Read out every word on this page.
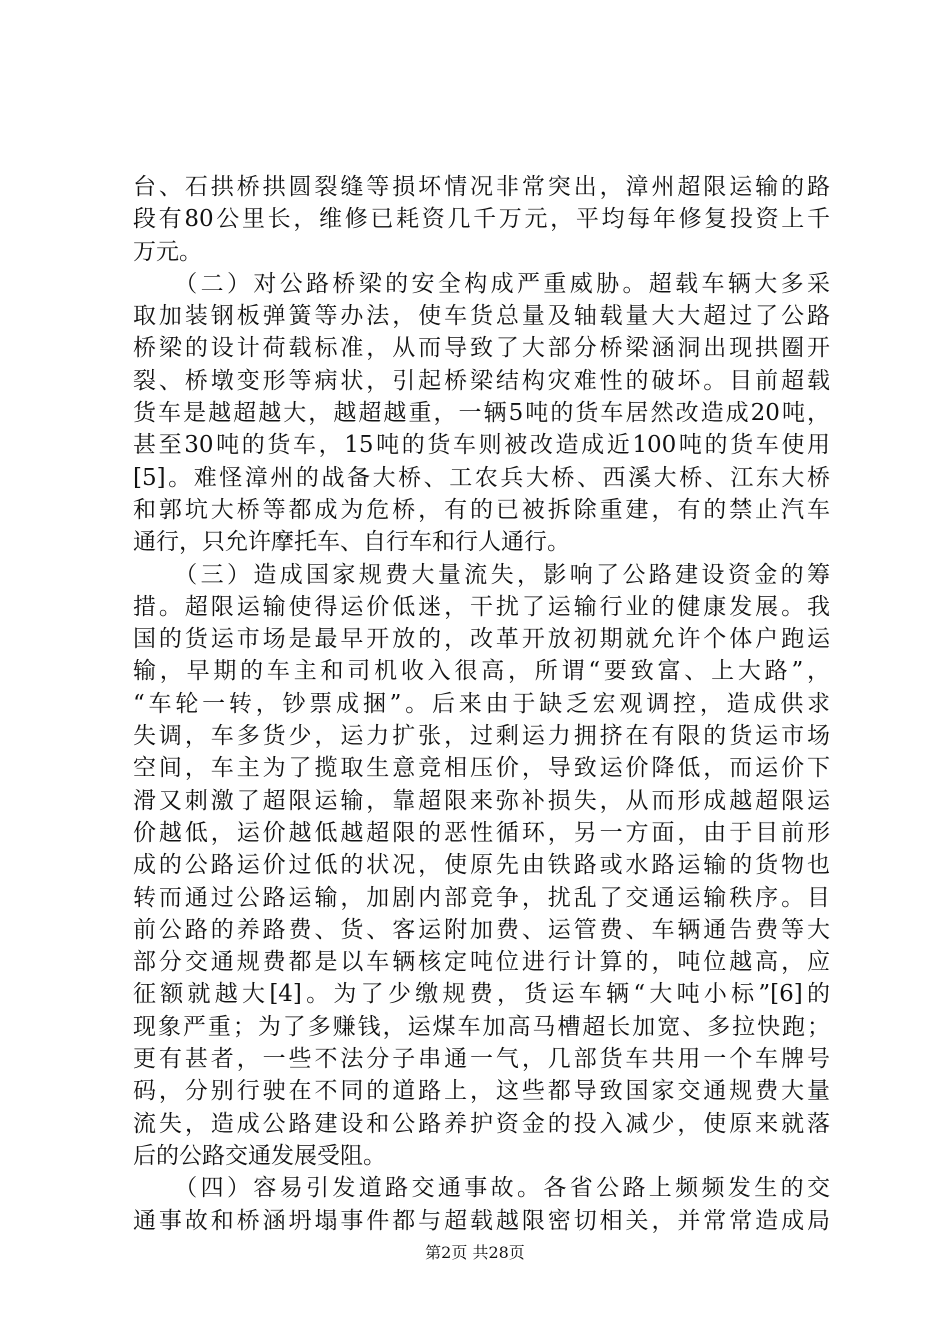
台、石拱桥拱圆裂缝等损坏情况非常突出，漳州超限运输的路
段有80公里长，维修已耗资几千万元，平均每年修复投资上千
万元。
　　（二）对公路桥梁的安全构成严重威胁。超载车辆大多采
取加装钢板弹簧等办法，使车货总量及轴载量大大超过了公路
桥梁的设计荷载标准，从而导致了大部分桥梁涵洞出现拱圈开
裂、桥墩变形等病状，引起桥梁结构灾难性的破坏。目前超载
货车是越超越大，越超越重，一辆5吨的货车居然改造成20吨，
甚至30吨的货车，15吨的货车则被改造成近100吨的货车使用
[5]。难怪漳州的战备大桥、工农兵大桥、西溪大桥、江东大桥
和郭坑大桥等都成为危桥，有的已被拆除重建，有的禁止汽车
通行，只允许摩托车、自行车和行人通行。
　　（三）造成国家规费大量流失，影响了公路建设资金的筹
措。超限运输使得运价低迷，干扰了运输行业的健康发展。我
国的货运市场是最早开放的，改革开放初期就允许个体户跑运
输，早期的车主和司机收入很高，所谓“要致富、上大路”，
“车轮一转，钞票成捆”。后来由于缺乏宏观调控，造成供求
失调，车多货少，运力扩张，过剩运力拥挤在有限的货运市场
空间，车主为了揽取生意竞相压价，导致运价降低，而运价下
滑又刺激了超限运输，靠超限来弥补损失，从而形成越超限运
价越低，运价越低越超限的恶性循环，另一方面，由于目前形
成的公路运价过低的状况，使原先由铁路或水路运输的货物也
转而通过公路运输，加剧内部竞争，扰乱了交通运输秩序。目
前公路的养路费、货、客运附加费、运管费、车辆通告费等大
部分交通规费都是以车辆核定吨位进行计算的，吨位越高，应
征额就越大[4]。为了少缴规费，货运车辆“大吨小标”[6]的
现象严重；为了多赚钱，运煤车加高马槽超长加宽、多拉快跑；
更有甚者，一些不法分子串通一气，几部货车共用一个车牌号
码，分别行驶在不同的道路上，这些都导致国家交通规费大量
流失，造成公路建设和公路养护资金的投入减少，使原来就落
后的公路交通发展受阻。
　　（四）容易引发道路交通事故。各省公路上频频发生的交
通事故和桥涵坍塌事件都与超载越限密切相关，并常常造成局
第2页 共28页
